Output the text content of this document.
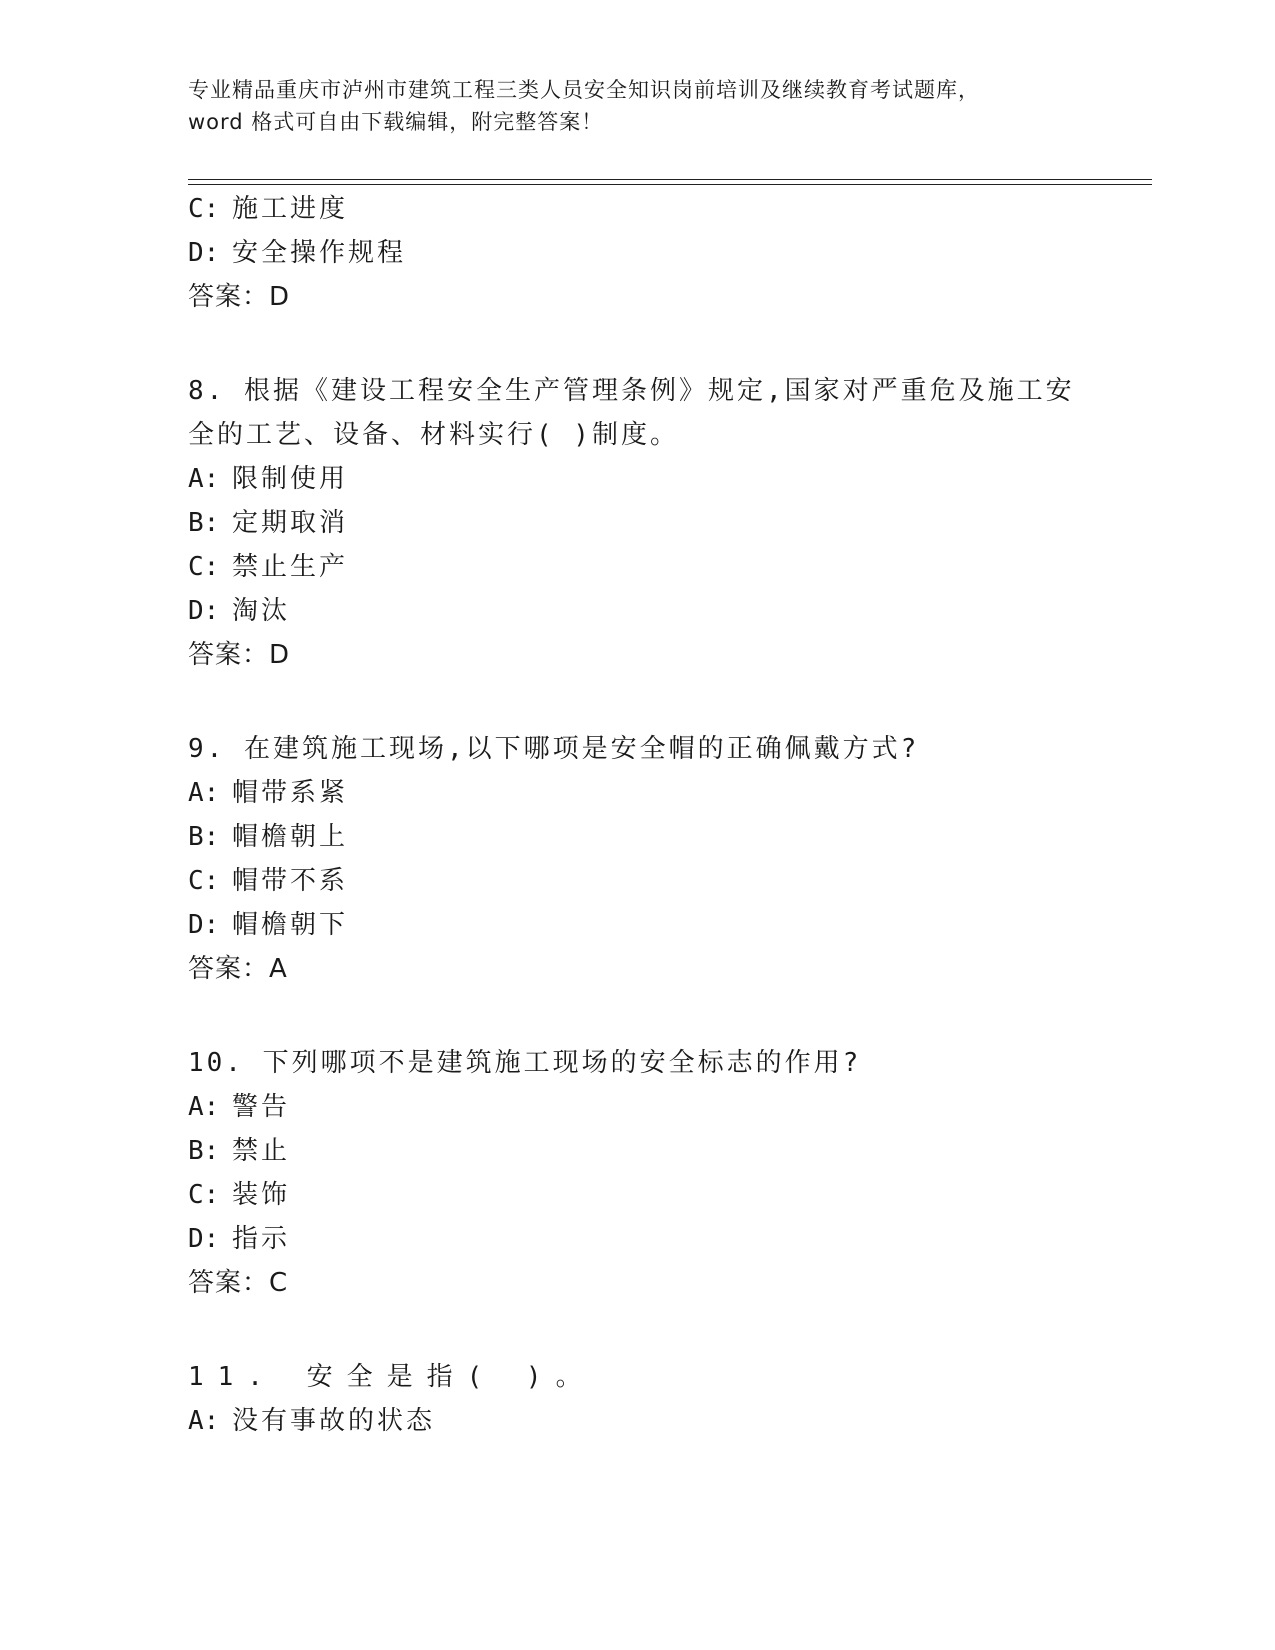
专业精品重庆市泸州市建筑工程三类人员安全知识岗前培训及继续教育考试题库，
word 格式可自由下载编辑，附完整答案！
C: 施工进度
D: 安全操作规程
答案：D
8. 根据《建设工程安全生产管理条例》规定,国家对严重危及施工安
全的工艺、设备、材料实行( )制度。
A: 限制使用
B: 定期取消
C: 禁止生产
D: 淘汰
答案：D
9. 在建筑施工现场,以下哪项是安全帽的正确佩戴方式?
A: 帽带系紧
B: 帽檐朝上
C: 帽带不系
D: 帽檐朝下
答案：A
10. 下列哪项不是建筑施工现场的安全标志的作用?
A: 警告
B: 禁止
C: 装饰
D: 指示
答案：C
11. 安全是指( )。
A: 没有事故的状态
